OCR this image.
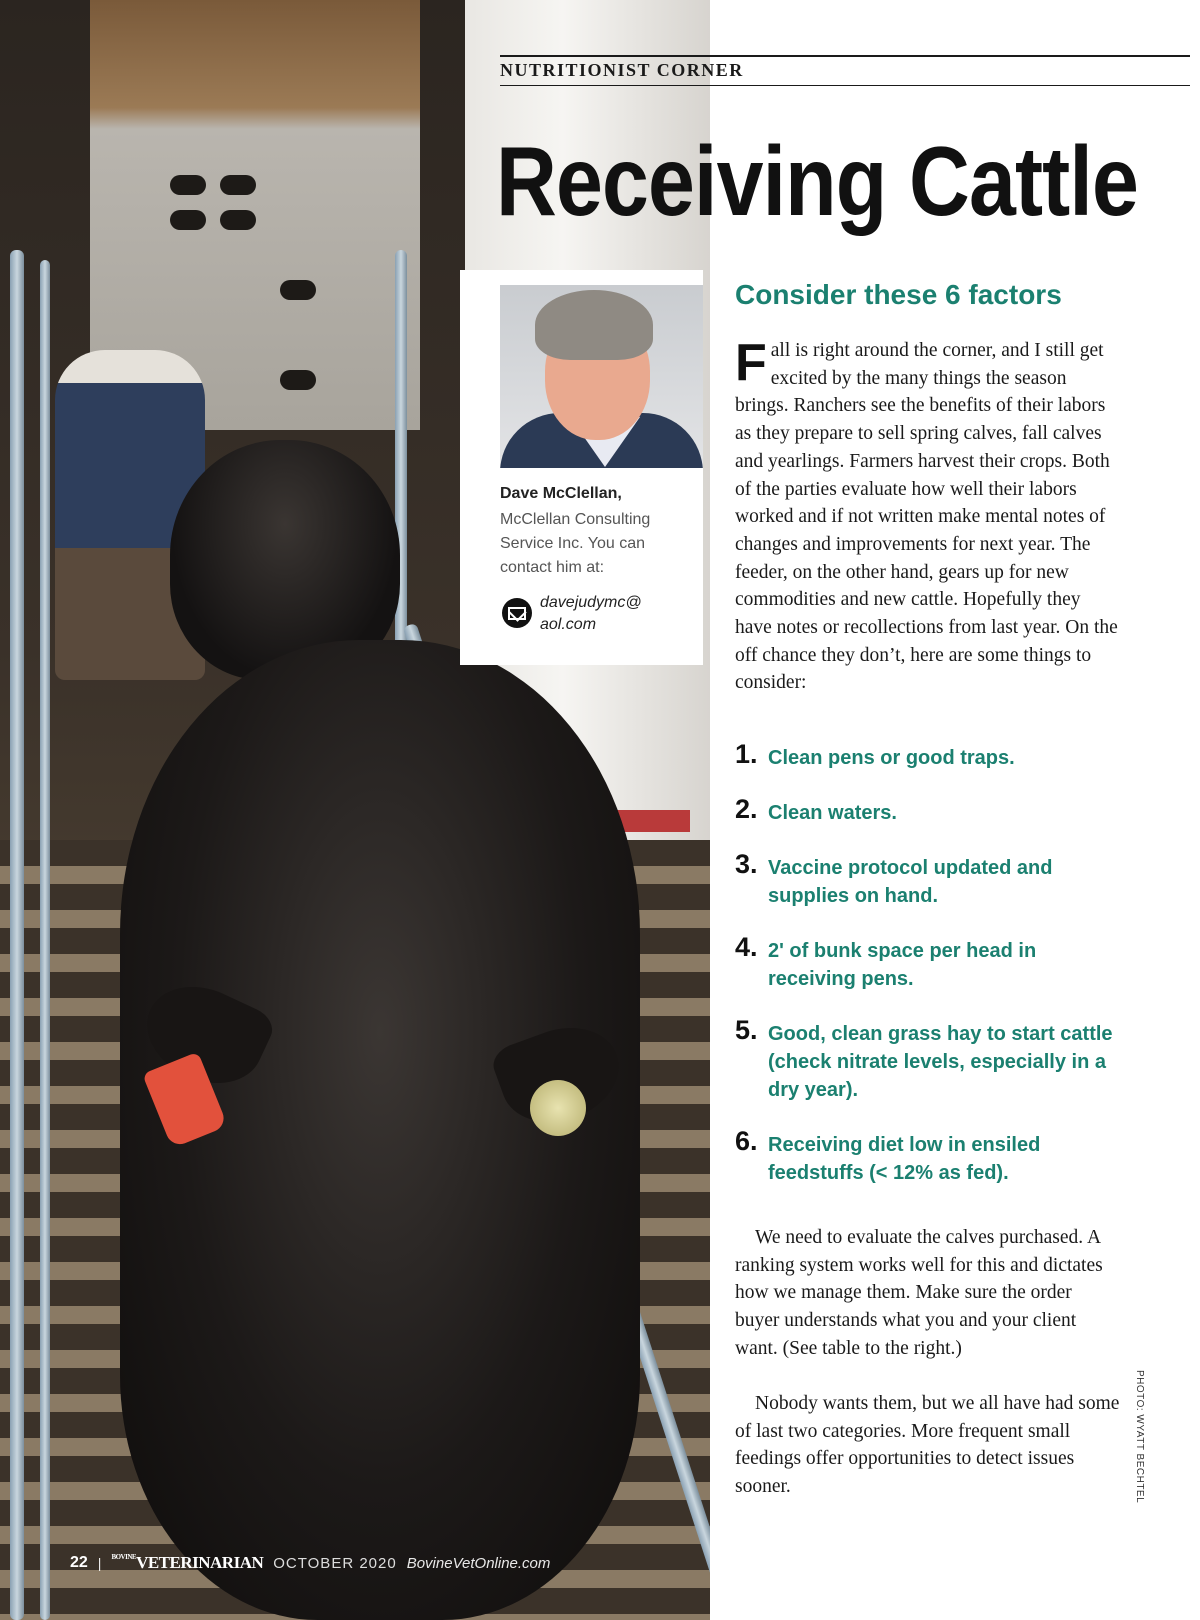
NUTRITIONIST CORNER
Receiving Cattle
Dave McClellan,
McClellan Consulting Service Inc. You can contact him at:
davejudymc@
aol.com
Consider these 6 factors

Fall is right around the corner, and I still get excited by the many things the season brings. Ranchers see the benefits of their labors as they prepare to sell spring calves, fall calves and yearlings. Farmers harvest their crops. Both of the parties evaluate how well their labors worked and if not written make mental notes of changes and improvements for next year. The feeder, on the other hand, gears up for new commodities and new cattle. Hopefully they have notes or recollections from last year. On the off chance they don’t, here are some things to consider:

1. Clean pens or good traps.
2. Clean waters.
3. Vaccine protocol updated and supplies on hand.
4. 2' of bunk space per head in receiving pens.
5. Good, clean grass hay to start cattle (check nitrate levels, especially in a dry year).
6. Receiving diet low in ensiled feedstuffs (< 12% as fed).

We need to evaluate the calves purchased. A ranking system works well for this and dictates how we manage them. Make sure the order buyer understands what you and your client want. (See table to the right.)

Nobody wants them, but we all have had some of last two categories. More frequent small feedings offer opportunities to detect issues sooner.	PHOTO: WYATT BECHTEL
22 | $^{BOVINE}$VETERINARIAN OCTOBER 2020 BovineVetOnline.com
